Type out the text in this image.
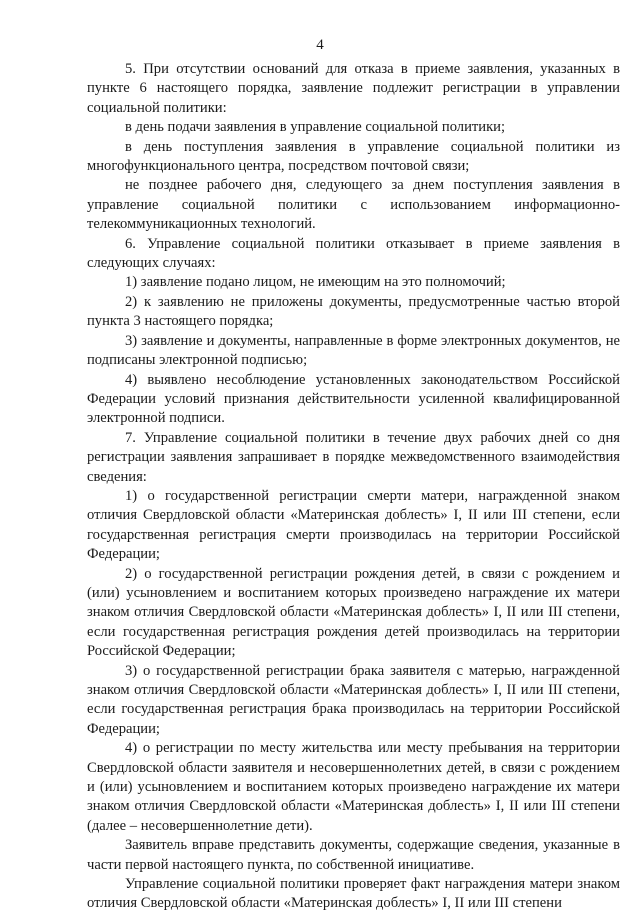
4

5. При отсутствии оснований для отказа в приеме заявления, указанных в пункте 6 настоящего порядка, заявление подлежит регистрации в управлении социальной политики:

в день подачи заявления в управление социальной политики;

в день поступления заявления в управление социальной политики из многофункционального центра, посредством почтовой связи;

не позднее рабочего дня, следующего за днем поступления заявления в управление социальной политики с использованием информационно-телекоммуникационных технологий.

6. Управление социальной политики отказывает в приеме заявления в следующих случаях:

1) заявление подано лицом, не имеющим на это полномочий;

2) к заявлению не приложены документы, предусмотренные частью второй пункта 3 настоящего порядка;

3) заявление и документы, направленные в форме электронных документов, не подписаны электронной подписью;

4) выявлено несоблюдение установленных законодательством Российской Федерации условий признания действительности усиленной квалифицированной электронной подписи.

7. Управление социальной политики в течение двух рабочих дней со дня регистрации заявления запрашивает в порядке межведомственного взаимодействия сведения:

1) о государственной регистрации смерти матери, награжденной знаком отличия Свердловской области «Материнская доблесть» I, II или III степени, если государственная регистрация смерти производилась на территории Российской Федерации;

2) о государственной регистрации рождения детей, в связи с рождением и (или) усыновлением и воспитанием которых произведено награждение их матери знаком отличия Свердловской области «Материнская доблесть» I, II или III степени, если государственная регистрация рождения детей производилась на территории Российской Федерации;

3) о государственной регистрации брака заявителя с матерью, награжденной знаком отличия Свердловской области «Материнская доблесть» I, II или III степени, если государственная регистрация брака производилась на территории Российской Федерации;

4) о регистрации по месту жительства или месту пребывания на территории Свердловской области заявителя и несовершеннолетних детей, в связи с рождением и (или) усыновлением и воспитанием которых произведено награждение их матери знаком отличия Свердловской области «Материнская доблесть» I, II или III степени (далее – несовершеннолетние дети).

Заявитель вправе представить документы, содержащие сведения, указанные в части первой настоящего пункта, по собственной инициативе.

Управление социальной политики проверяет факт награждения матери знаком отличия Свердловской области «Материнская доблесть» I, II или III степени
